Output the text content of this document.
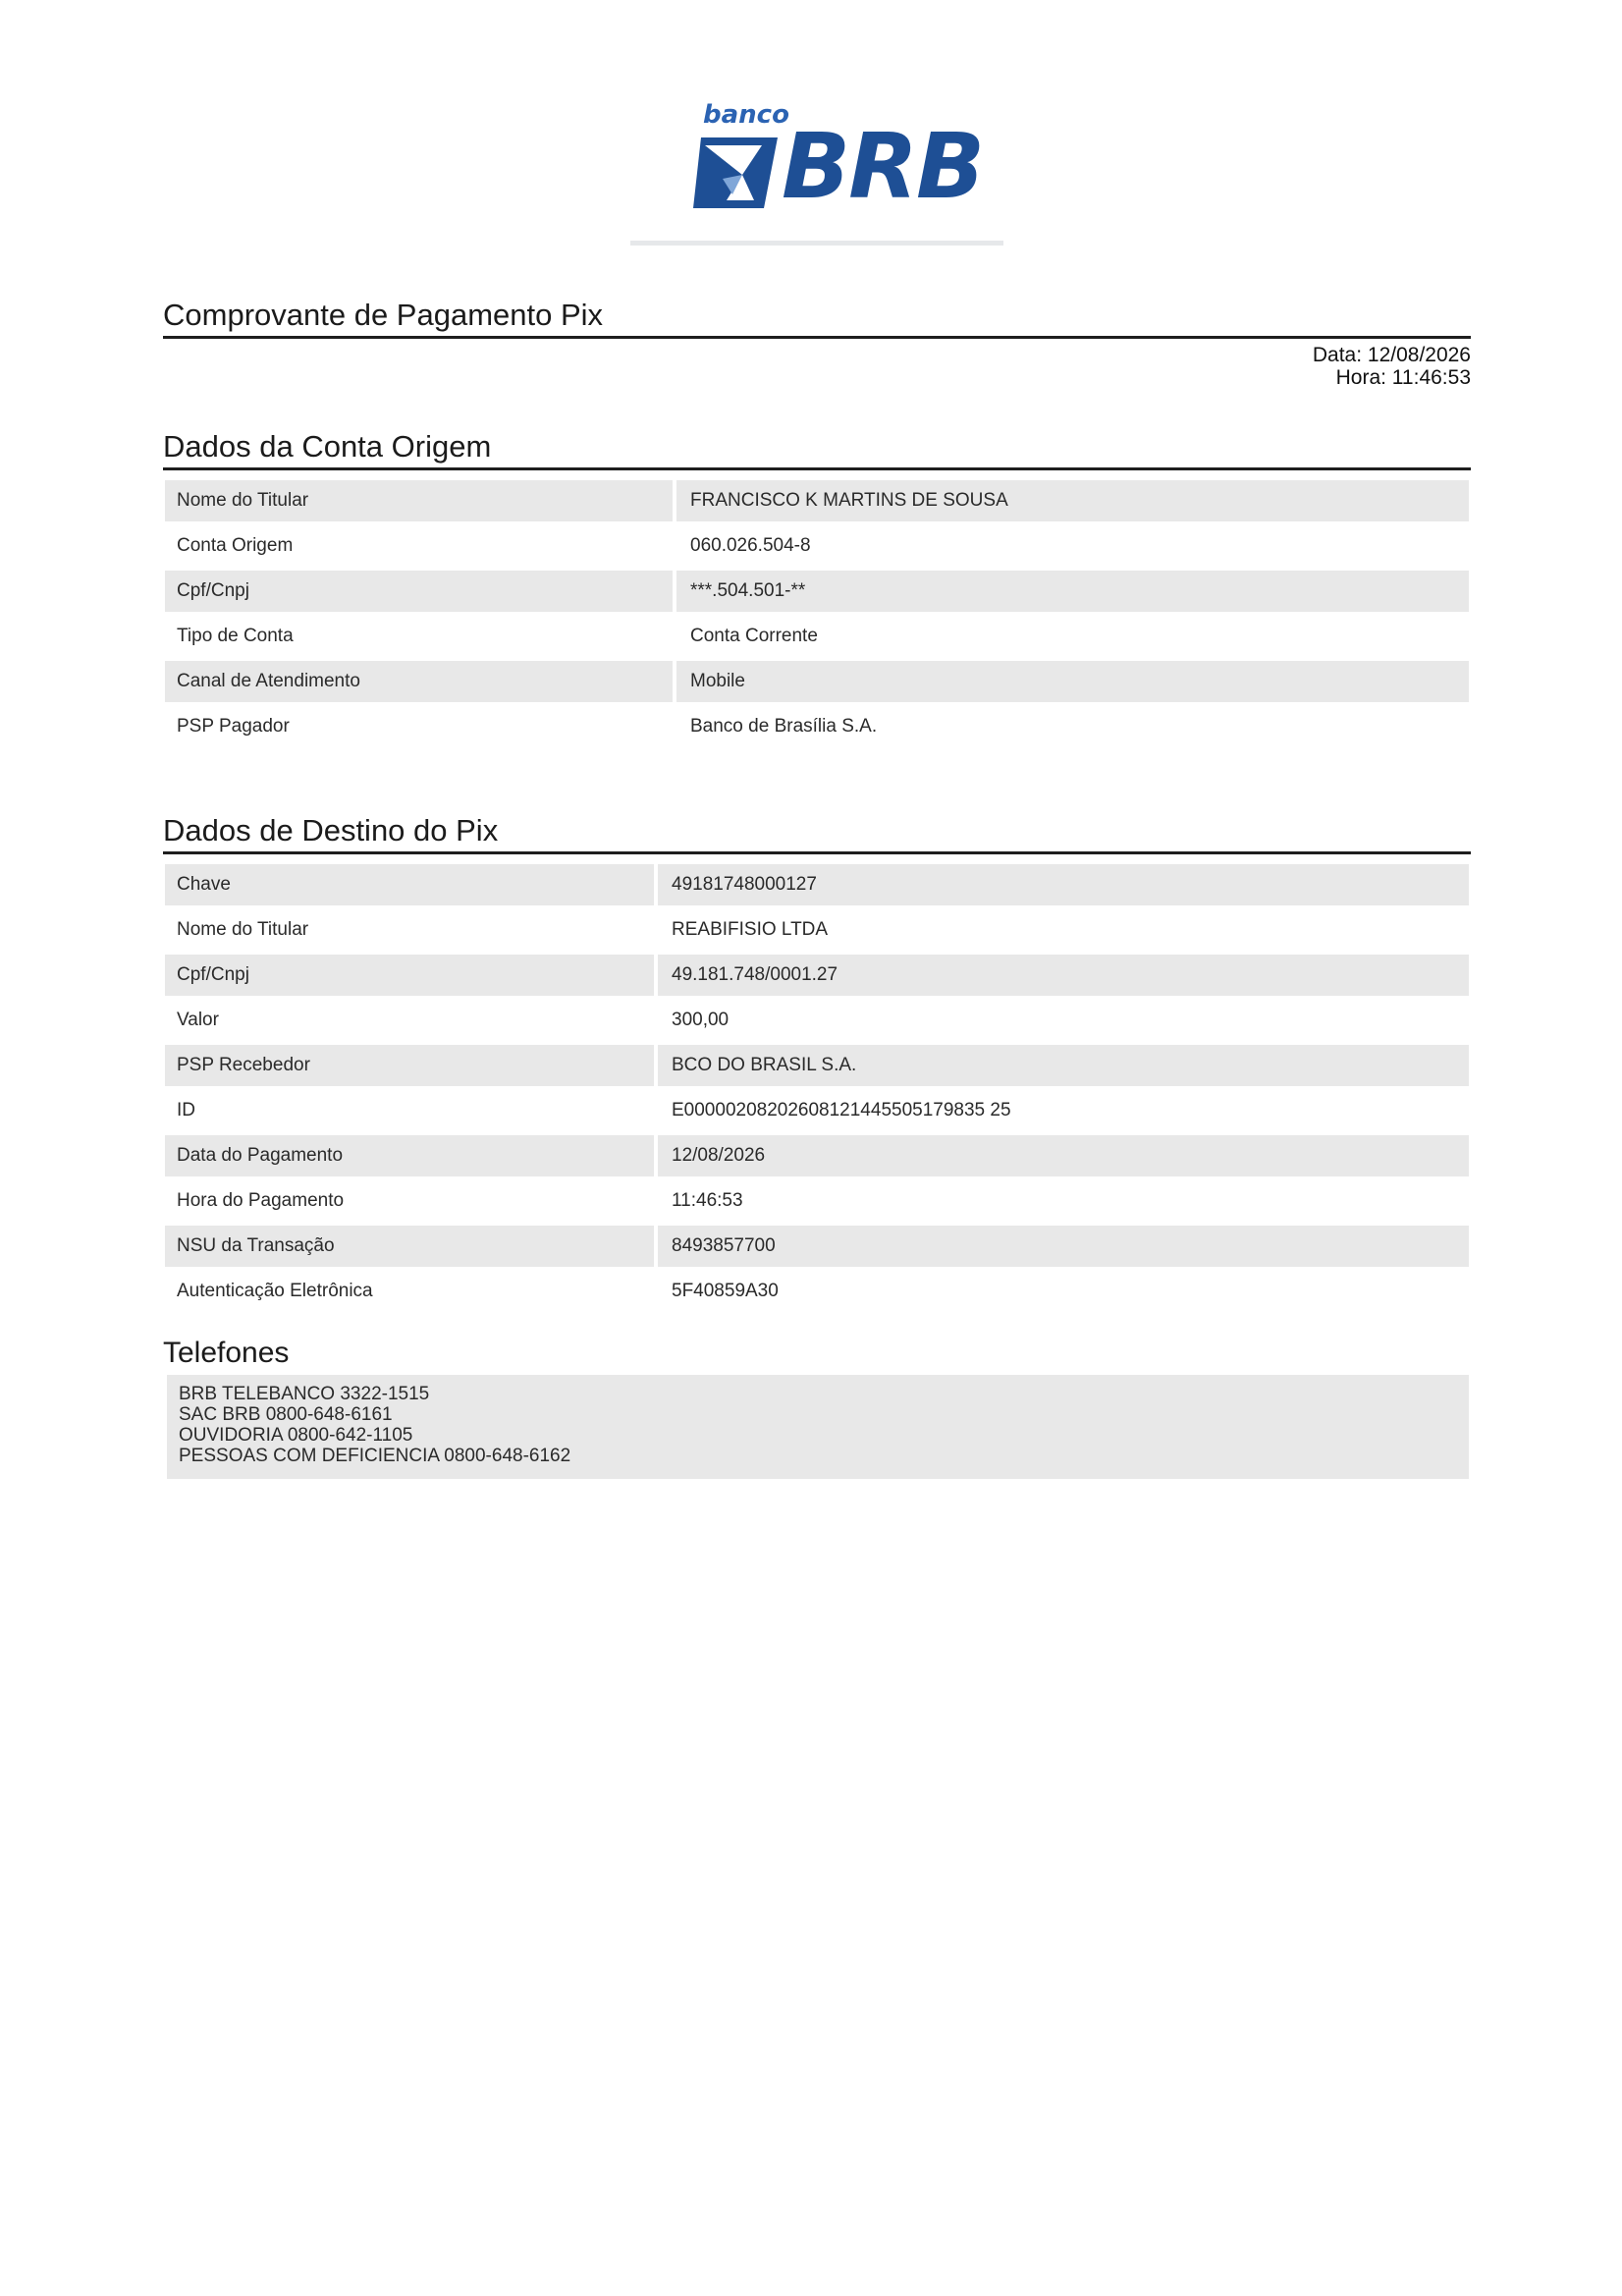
banco
BRB
Comprovante de Pagamento Pix
Data: 12/08/2026
Hora: 11:46:53
Dados da Conta Origem
Nome do Titular	FRANCISCO K MARTINS DE SOUSA
Conta Origem	060.026.504-8
Cpf/Cnpj	***.504.501-**
Tipo de Conta	Conta Corrente
Canal de Atendimento	Mobile
PSP Pagador	Banco de Brasília S.A.
Dados de Destino do Pix
Chave	49181748000127
Nome do Titular	REABIFISIO LTDA
Cpf/Cnpj	49.181.748/0001.27
Valor	300,00
PSP Recebedor	BCO DO BRASIL S.A.
ID	E00000208202608121445505179835 25
Data do Pagamento	12/08/2026
Hora do Pagamento	11:46:53
NSU da Transação	8493857700
Autenticação Eletrônica	5F40859A30
Telefones
BRB TELEBANCO 3322-1515
SAC BRB 0800-648-6161
OUVIDORIA 0800-642-1105
PESSOAS COM DEFICIENCIA 0800-648-6162
